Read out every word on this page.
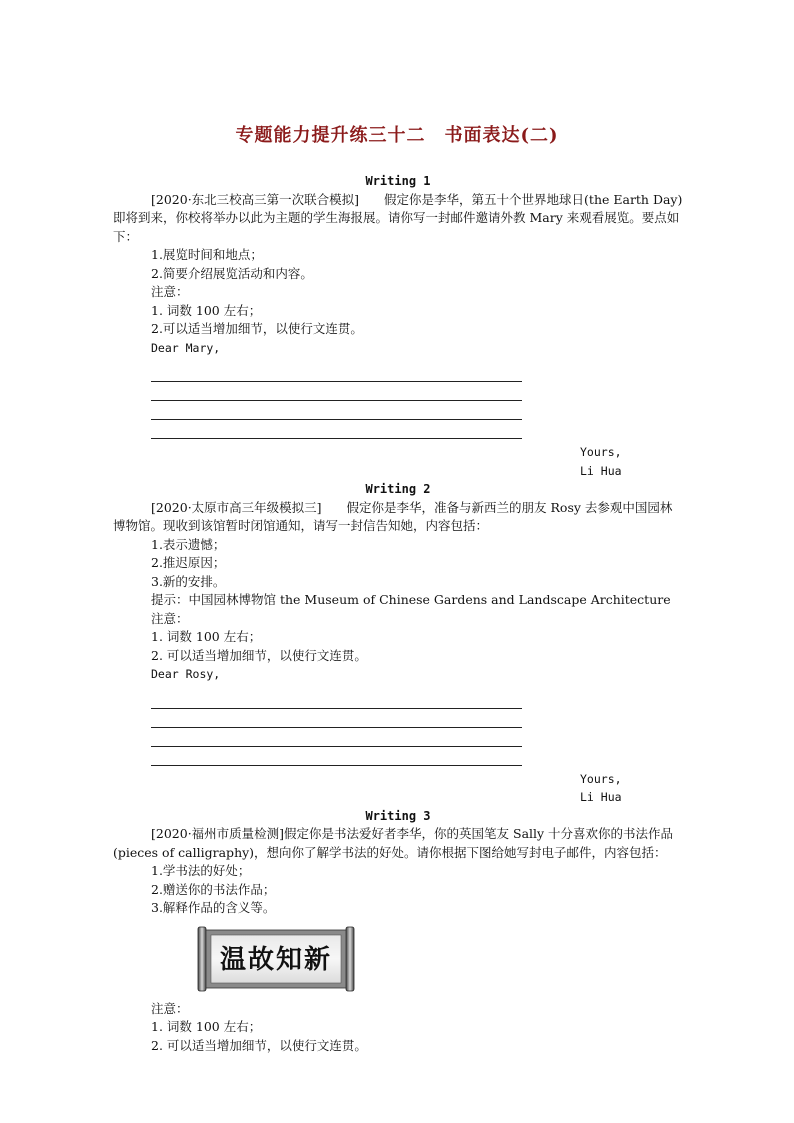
专题能力提升练三十二　书面表达(二)

Writing 1

[2020·东北三校高三第一次联合模拟]　　假定你是李华，第五十个世界地球日(the Earth Day)即将到来，你校将举办以此为主题的学生海报展。请你写一封邮件邀请外教 Mary 来观看展览。要点如下：

1.展览时间和地点；

2.简要介绍展览活动和内容。

注意：

1. 词数 100 左右；

2.可以适当增加细节，以使行文连贯。

Dear Mary,

Yours,

Li Hua

Writing 2

[2020·太原市高三年级模拟三]　　假定你是李华，准备与新西兰的朋友 Rosy 去参观中国园林博物馆。现收到该馆暂时闭馆通知，请写一封信告知她，内容包括：

1.表示遗憾；

2.推迟原因；

3.新的安排。

提示：中国园林博物馆 the Museum of Chinese Gardens and Landscape Architecture

注意：

1. 词数 100 左右；

2. 可以适当增加细节，以使行文连贯。

Dear Rosy,

Yours,

Li Hua

Writing 3

[2020·福州市质量检测]假定你是书法爱好者李华，你的英国笔友 Sally 十分喜欢你的书法作品(pieces of calligraphy)，想向你了解学书法的好处。请你根据下图给她写封电子邮件，内容包括：

1.学书法的好处；

2.赠送你的书法作品；

3.解释作品的含义等。

温故知新

注意：

1. 词数 100 左右；

2. 可以适当增加细节，以使行文连贯。
